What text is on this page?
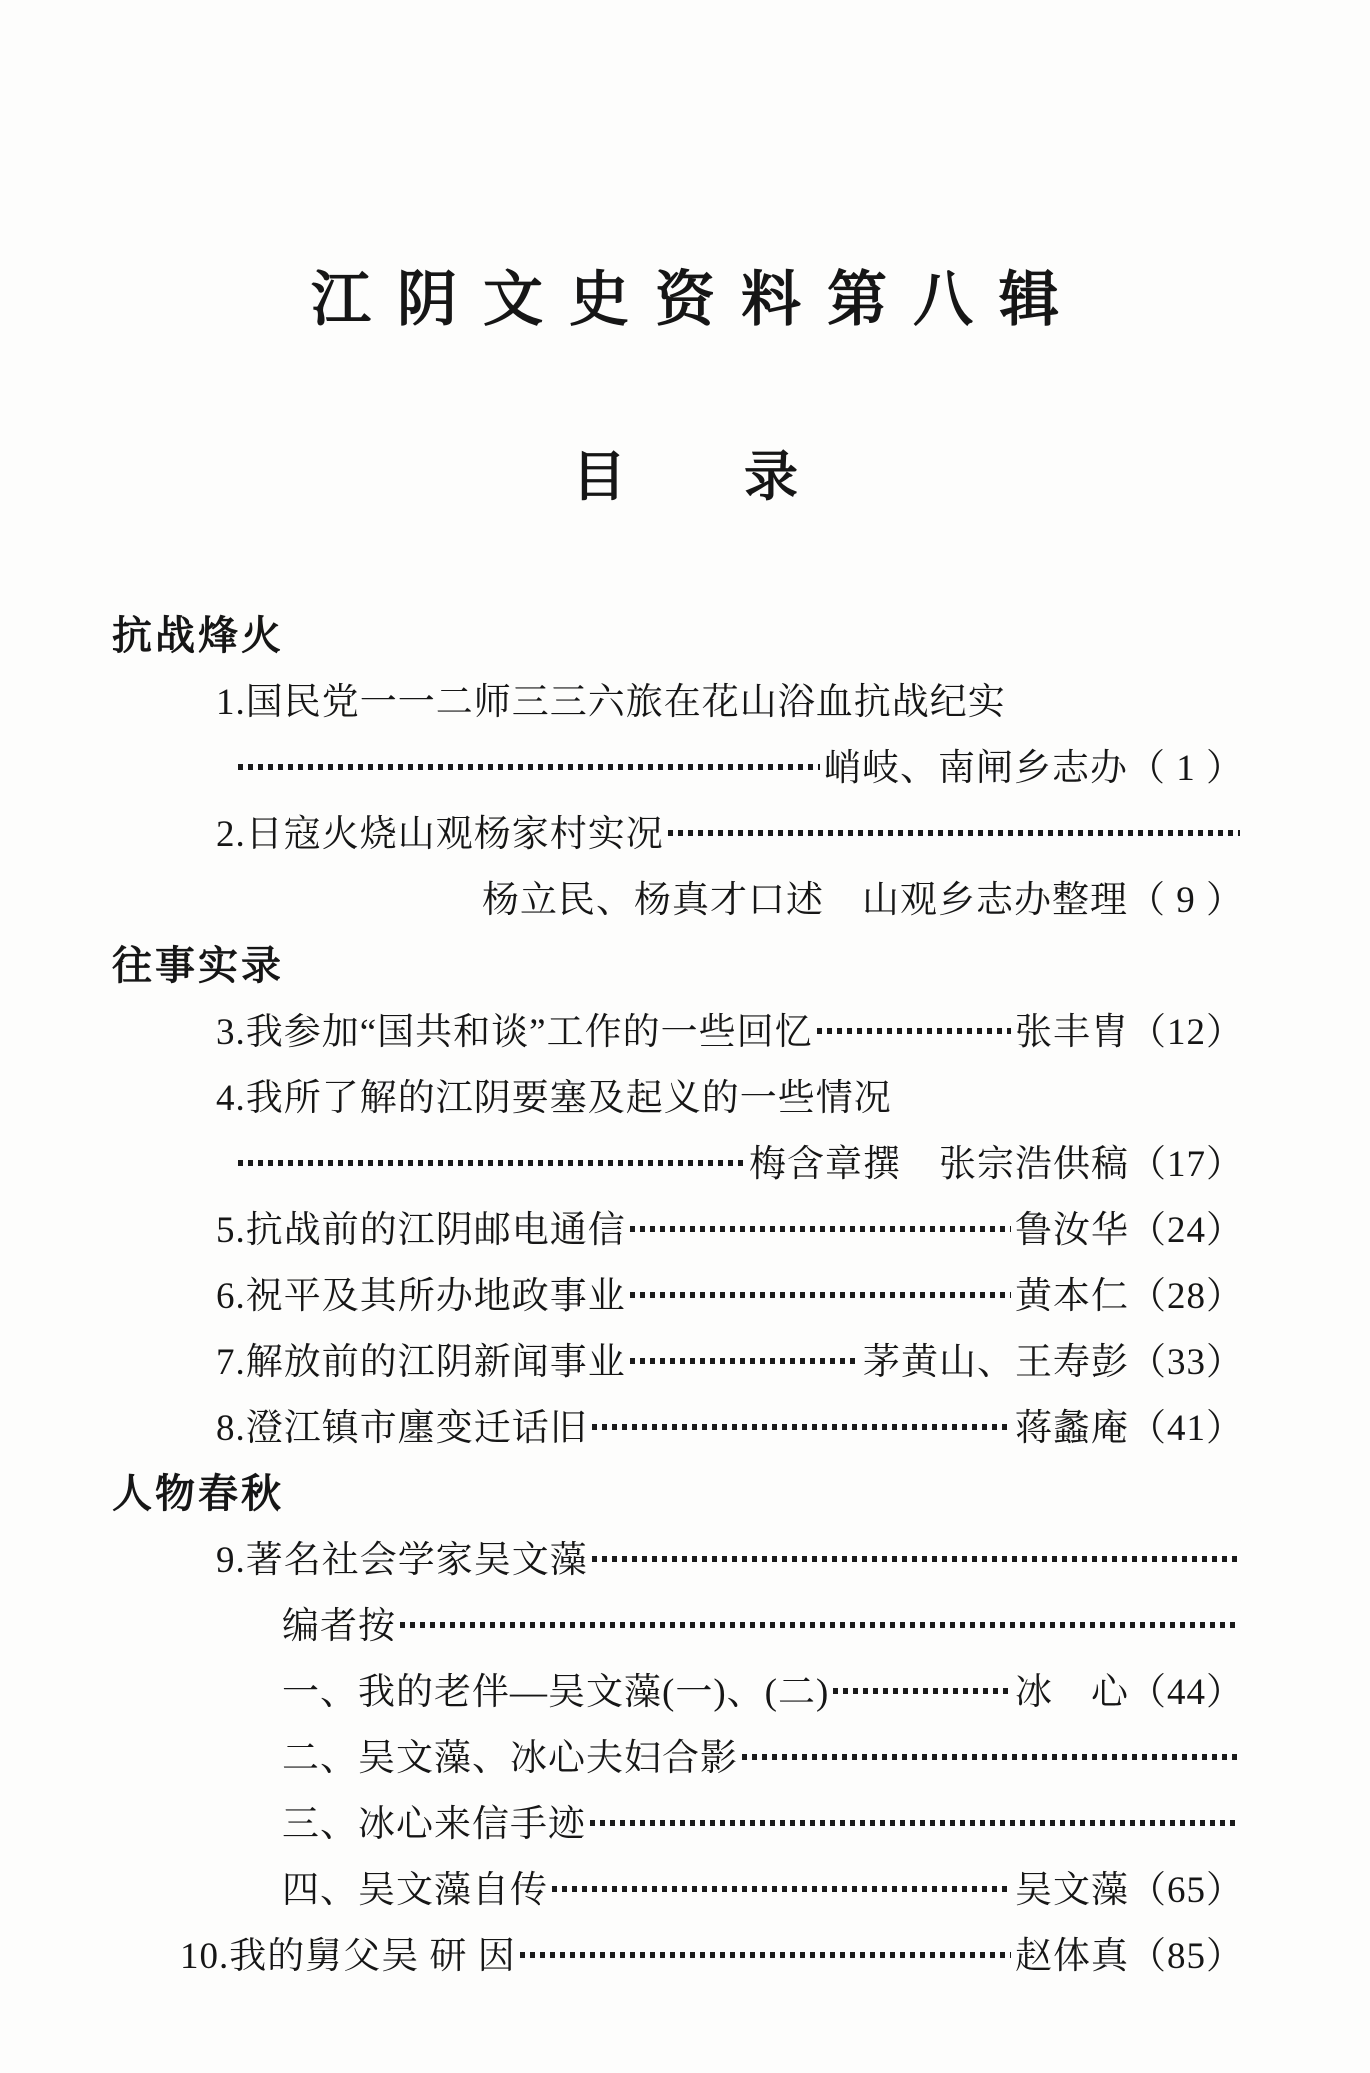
江阴文史资料第八辑
目 录
抗战烽火
1.国民党一一二师三三六旅在花山浴血抗战纪实
峭岐、南闸乡志办 （ 1 ）
2.日寇火烧山观杨家村实况
杨立民、杨真才口述　山观乡志办整理 （ 9 ）
往事实录
3.我参加“国共和谈”工作的一些回忆	张丰胄 （12）
4.我所了解的江阴要塞及起义的一些情况
梅含章撰　张宗浩供稿 （17）
5.抗战前的江阴邮电通信	鲁汝华 （24）
6.祝平及其所办地政事业	黄本仁 （28）
7.解放前的江阴新闻事业	茅黄山、王寿彭 （33）
8.澄江镇市廛变迁话旧	蒋蠡庵 （41）
人物春秋
9.著名社会学家吴文藻
编者按
一、我的老伴—吴文藻(一)、(二)	冰　心 （44）
二、吴文藻、冰心夫妇合影
三、冰心来信手迹
四、吴文藻自传	吴文藻 （65）
10.我的舅父吴 研 因	赵体真 （85）
